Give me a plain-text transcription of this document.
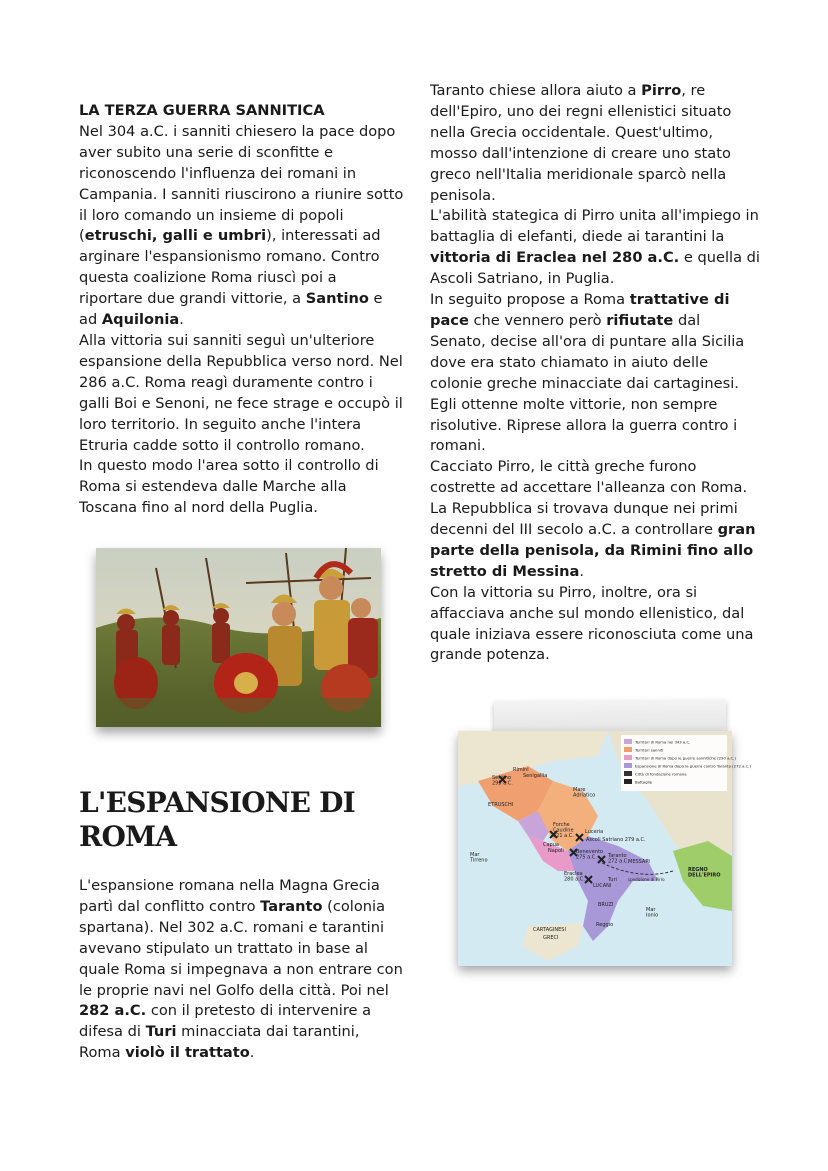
LA TERZA GUERRA SANNITICA
Nel 304 a.C. i sanniti chiesero la pace dopo aver subito una serie di sconfitte e riconoscendo l'influenza dei romani in Campania. I sanniti riuscirono a riunire sotto il loro comando un insieme di popoli (etruschi, galli e umbri), interessati ad arginare l'espansionismo romano. Contro questa coalizione Roma riuscì poi a riportare due grandi vittorie, a Santino e ad Aquilonia.
Alla vittoria sui sanniti seguì un'ulteriore espansione della Repubblica verso nord. Nel 286 a.C. Roma reagì duramente contro i galli Boi e Senoni, ne fece strage e occupò il loro territorio. In seguito anche l'intera Etruria cadde sotto il controllo romano.
In questo modo l'area sotto il controllo di Roma si estendeva dalle Marche alla Toscana fino al nord della Puglia.
L'ESPANSIONE DI
ROMA
L'espansione romana nella Magna Grecia partì dal conflitto contro Taranto (colonia spartana). Nel 302 a.C. romani e tarantini avevano stipulato un trattato in base al quale Roma si impegnava a non entrare con le proprie navi nel Golfo della città. Poi nel 282 a.C. con il pretesto di intervenire a difesa di Turi minacciata dai tarantini, Roma violò il trattato.
Taranto chiese allora aiuto a Pirro, re dell'Epiro, uno dei regni ellenistici situato nella Grecia occidentale. Quest'ultimo, mosso dall'intenzione di creare uno stato greco nell'Italia meridionale sparcò nella penisola.
L'abilità stategica di Pirro unita all'impiego in battaglia di elefanti, diede ai tarantini la vittoria di Eraclea nel 280 a.C. e quella di Ascoli Satriano, in Puglia.
In seguito propose a Roma trattative di pace che vennero però rifiutate dal Senato, decise all'ora di puntare alla Sicilia dove era stato chiamato in aiuto delle colonie greche minacciate dai cartaginesi. Egli ottenne molte vittorie, non sempre risolutive. Riprese allora la guerra contro i romani.
Cacciato Pirro, le città greche furono costrette ad accettare l'alleanza con Roma.
La Repubblica si trovava dunque nei primi decenni del III secolo a.C. a controllare gran parte della penisola, da Rimini fino allo stretto di Messina.
Con la vittoria su Pirro, inoltre, ora si affacciava anche sul mondo ellenistico, dal quale iniziava essere riconosciuta come una grande potenza.
Territori di Roma nel 343 a.C.
Territori sanniti
Territori di Roma dopo le guerre sannitiche (290 a.C.)
Espansione di Roma dopo la guerra contro Taranto (272 a.C.)
Città di fondazione romana
Battaglie
Rimini
Sentino 295 a.C.
Senigallia
ETRUSCHI
Mare Adriatico
Mar Tirreno
Forche Caudine 321 a.C.
Capua
Napoli
Luceria
Ascoli Satriano 279 a.C.
Benevento 275 a.C.	Taranto 272 a.C. MESSAPI
Eraclea 280 a.C.	Turi
LUCANI
BRUZI
Reggio
CARTAGINESI
GRECI
Mar Ionio
REGNO DELL'EPIRO
spedizione di Pirro
